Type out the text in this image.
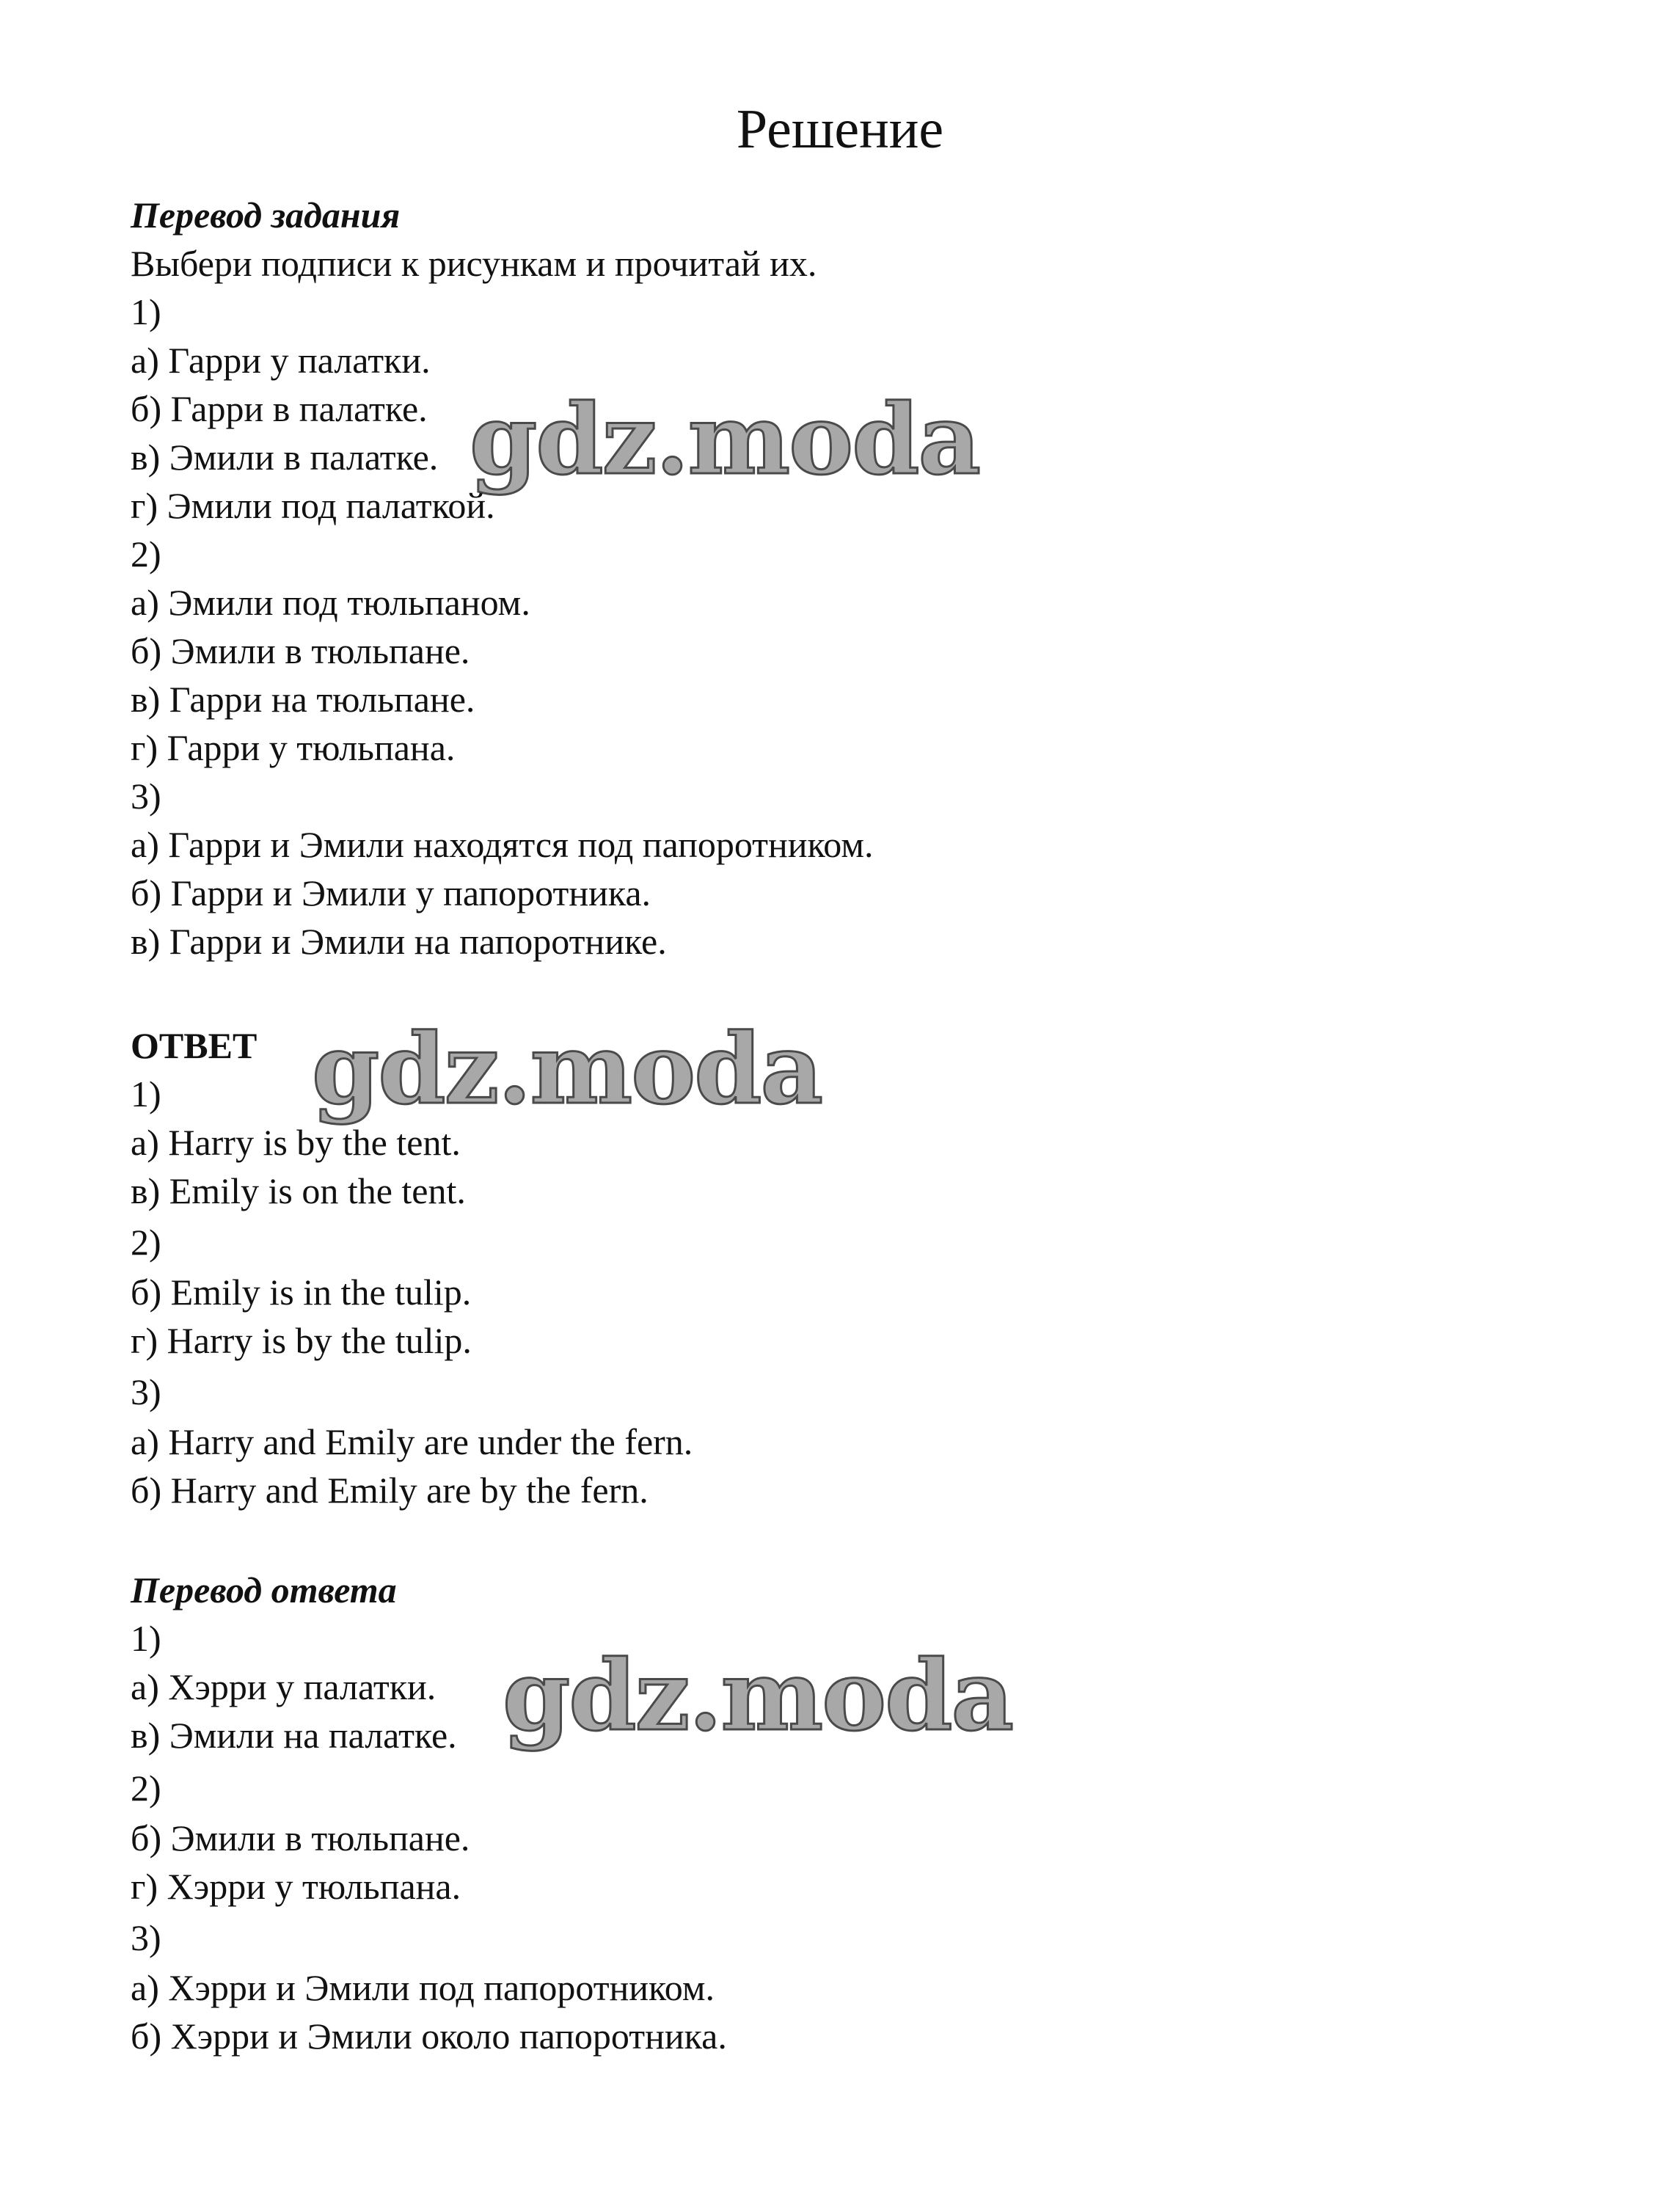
Решение
Перевод задания
Выбери подписи к рисункам и прочитай их.
1)
а) Гарри у палатки.
б) Гарри в палатке.
в) Эмили в палатке.
г) Эмили под палаткой.
2)
а) Эмили под тюльпаном.
б) Эмили в тюльпане.
в) Гарри на тюльпане.
г) Гарри у тюльпана.
3)
а) Гарри и Эмили находятся под папоротником.
б) Гарри и Эмили у папоротника.
в) Гарри и Эмили на папоротнике.
ОТВЕТ
1)
а) Harry is by the tent.
в) Emily is on the tent.
2)
б) Emily is in the tulip.
г) Harry is by the tulip.
3)
а) Harry and Emily are under the fern.
б) Harry and Emily are by the fern.
Перевод ответа
1)
а) Хэрри у палатки.
в) Эмили на палатке.
2)
б) Эмили в тюльпане.
г) Хэрри у тюльпана.
3)
а) Хэрри и Эмили под папоротником.
б) Хэрри и Эмили около папоротника.
gdz.moda
gdz.moda
gdz.moda
